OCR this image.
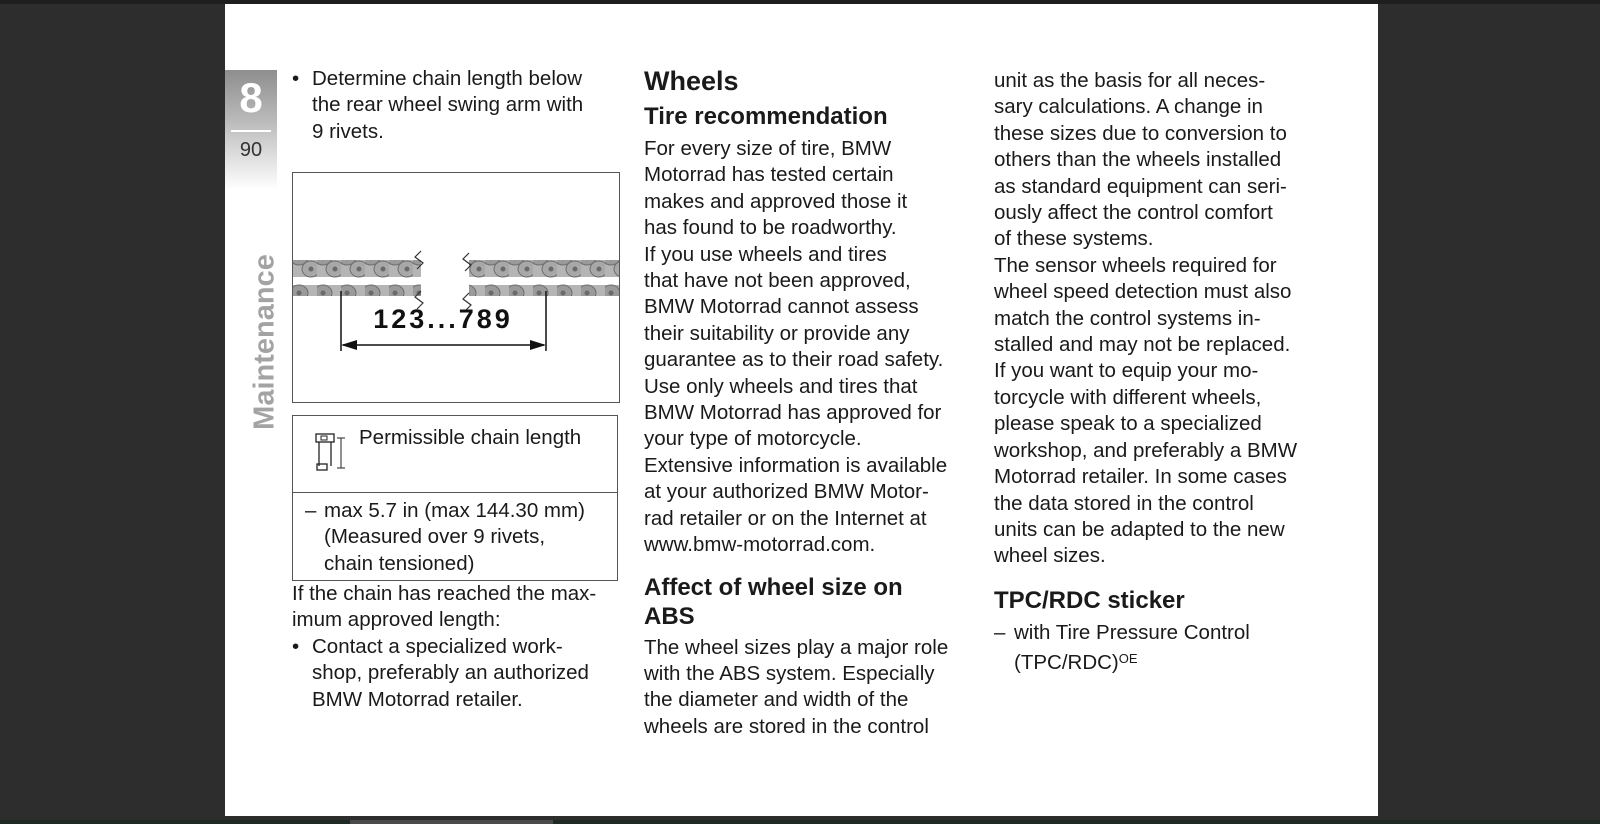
8
90
Maintenance
• Determine chain length below
the rear wheel swing arm with
9 rivets.
123...789
Permissible chain length
– max 5.7 in (max 144.30 mm)
(Measured over 9 rivets,
chain tensioned)
If the chain has reached the max-
imum approved length:
• Contact a specialized work-
shop, preferably an authorized
BMW Motorrad retailer.
Wheels
Tire recommendation
For every size of tire, BMW
Motorrad has tested certain
makes and approved those it
has found to be roadworthy.
If you use wheels and tires
that have not been approved,
BMW Motorrad cannot assess
their suitability or provide any
guarantee as to their road safety.
Use only wheels and tires that
BMW Motorrad has approved for
your type of motorcycle.
Extensive information is available
at your authorized BMW Motor-
rad retailer or on the Internet at
www.bmw-motorrad.com.
Affect of wheel size on
ABS
The wheel sizes play a major role
with the ABS system. Especially
the diameter and width of the
wheels are stored in the control
unit as the basis for all neces-
sary calculations. A change in
these sizes due to conversion to
others than the wheels installed
as standard equipment can seri-
ously affect the control comfort
of these systems.
The sensor wheels required for
wheel speed detection must also
match the control systems in-
stalled and may not be replaced.
If you want to equip your mo-
torcycle with different wheels,
please speak to a specialized
workshop, and preferably a BMW
Motorrad retailer. In some cases
the data stored in the control
units can be adapted to the new
wheel sizes.
TPC/RDC sticker
– with Tire Pressure Control
$(TPC/RDC)^{OE}$
